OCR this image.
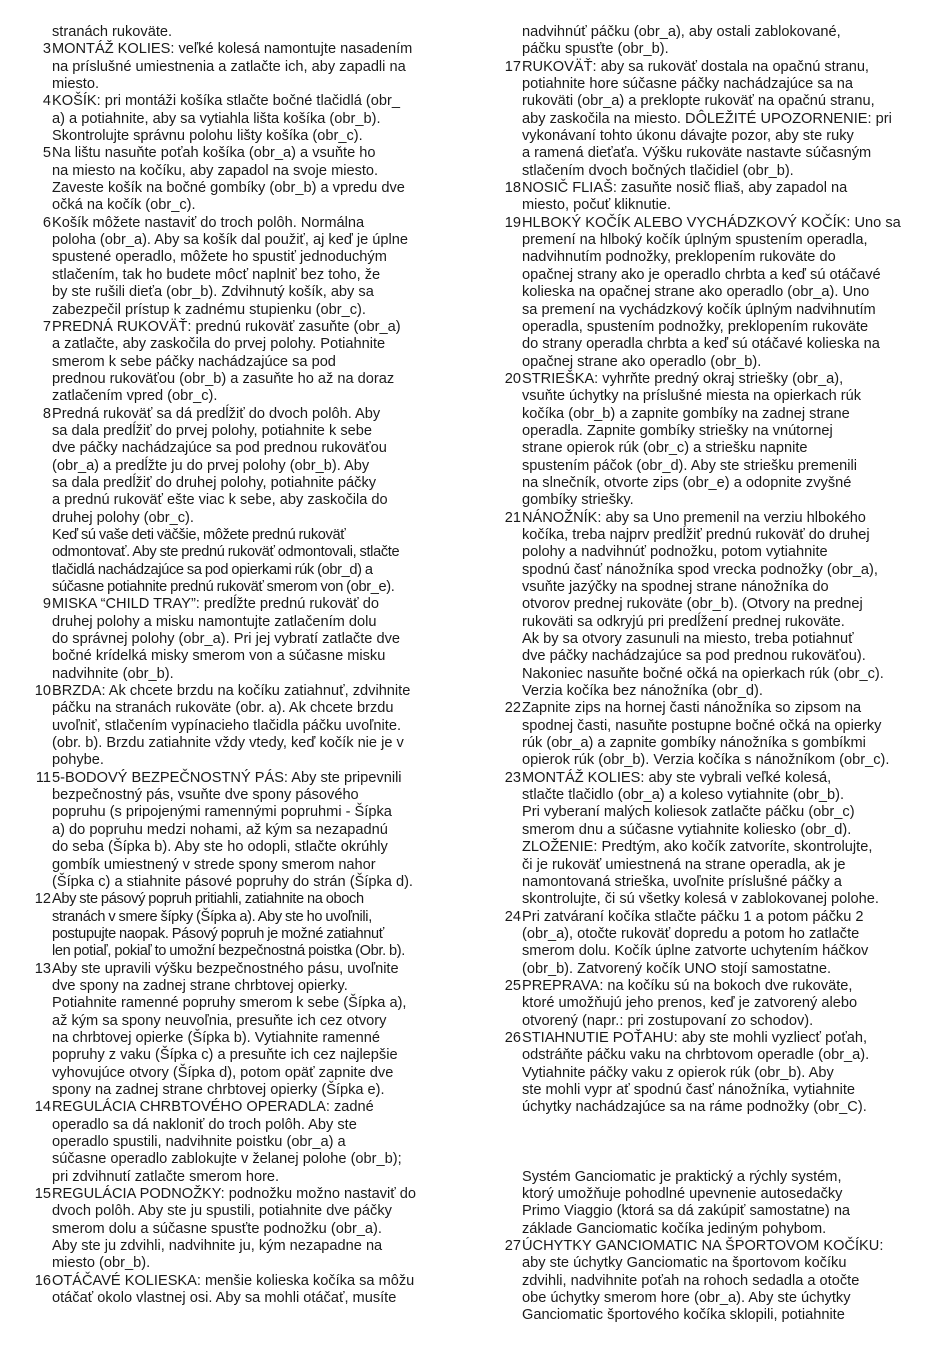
stranách rukoväte.
3 MONTÁŽ KOLIES: veľké kolesá namontujte nasadením
na príslušné umiestnenia a zatlačte ich, aby zapadli na
miesto.
4 KOŠÍK: pri montáži košíka stlačte bočné tlačidlá (obr_
a) a potiahnite, aby sa vytiahla lišta košíka (obr_b).
Skontrolujte správnu polohu lišty košíka (obr_c).
5 Na lištu nasuňte poťah košíka (obr_a) a vsuňte ho
na miesto na kočíku, aby zapadol na svoje miesto.
Zaveste košík na bočné gombíky (obr_b) a vpredu dve
očká na kočík (obr_c).
6 Košík môžete nastaviť do troch polôh. Normálna
poloha (obr_a). Aby sa košík dal použiť, aj keď je úplne
spustené operadlo, môžete ho spustiť jednoduchým
stlačením, tak ho budete môcť naplniť bez toho, že
by ste rušili dieťa (obr_b). Zdvihnutý košík, aby sa
zabezpečil prístup k zadnému stupienku (obr_c).
7 PREDNÁ RUKOVÄŤ: prednú rukoväť zasuňte (obr_a)
a zatlačte, aby zaskočila do prvej polohy. Potiahnite
smerom k sebe páčky nachádzajúce sa pod
prednou rukoväťou (obr_b) a zasuňte ho až na doraz
zatlačením vpred (obr_c).
8 Predná rukoväť sa dá predĺžiť do dvoch polôh. Aby
sa dala predĺžiť do prvej polohy, potiahnite k sebe
dve páčky nachádzajúce sa pod prednou rukoväťou
(obr_a) a predĺžte ju do prvej polohy (obr_b). Aby
sa dala predĺžiť do druhej polohy, potiahnite páčky
a prednú rukoväť ešte viac k sebe, aby zaskočila do
druhej polohy (obr_c).
Keď sú vaše deti väčšie, môžete prednú rukoväť
odmontovať. Aby ste prednú rukoväť odmontovali, stlačte
tlačidlá nachádzajúce sa pod opierkami rúk (obr_d) a
súčasne potiahnite prednú rukoväť smerom von (obr_e).
9 MISKA “CHILD TRAY”: predĺžte prednú rukoväť do
druhej polohy a misku namontujte zatlačením dolu
do správnej polohy (obr_a). Pri jej vybratí zatlačte dve
bočné krídelká misky smerom von a súčasne misku
nadvihnite (obr_b).
10 BRZDA: Ak chcete brzdu na kočíku zatiahnuť, zdvihnite
páčku na stranách rukoväte (obr. a). Ak chcete brzdu
uvoľniť, stlačením vypínacieho tlačidla páčku uvoľnite.
(obr. b). Brzdu zatiahnite vždy vtedy, keď kočík nie je v
pohybe.
11 5-BODOVÝ BEZPEČNOSTNÝ PÁS: Aby ste pripevnili
bezpečnostný pás, vsuňte dve spony pásového
popruhu (s pripojenými ramennými popruhmi - Šípka
a) do popruhu medzi nohami, až kým sa nezapadnú
do seba (Šípka b). Aby ste ho odopli, stlačte okrúhly
gombík umiestnený v strede spony smerom nahor
(Šípka c) a stiahnite pásové popruhy do strán (Šípka d).
12 Aby ste pásový popruh pritiahli, zatiahnite na oboch
stranách v smere šípky (Šípka a). Aby ste ho uvoľnili,
postupujte naopak. Pásový popruh je možné zatiahnuť
len potiaľ, pokiaľ to umožní bezpečnostná poistka (Obr. b).
13 Aby ste upravili výšku bezpečnostného pásu, uvoľnite
dve spony na zadnej strane chrbtovej opierky.
Potiahnite ramenné popruhy smerom k sebe (Šípka a),
až kým sa spony neuvoľnia, presuňte ich cez otvory
na chrbtovej opierke (Šípka b). Vytiahnite ramenné
popruhy z vaku (Šípka c) a presuňte ich cez najlepšie
vyhovujúce otvory (Šípka d), potom opäť zapnite dve
spony na zadnej strane chrbtovej opierky (Šípka e).
14 REGULÁCIA CHRBTOVÉHO OPERADLA: zadné
operadlo sa dá nakloniť do troch polôh. Aby ste
operadlo spustili, nadvihnite poistku (obr_a) a
súčasne operadlo zablokujte v želanej polohe (obr_b);
pri zdvihnutí zatlačte smerom hore.
15 REGULÁCIA PODNOŽKY: podnožku možno nastaviť do
dvoch polôh. Aby ste ju spustili, potiahnite dve páčky
smerom dolu a súčasne spusťte podnožku (obr_a).
Aby ste ju zdvihli, nadvihnite ju, kým nezapadne na
miesto (obr_b).
16 OTÁČAVÉ KOLIESKA: menšie kolieska kočíka sa môžu
otáčať okolo vlastnej osi. Aby sa mohli otáčať, musíte
nadvihnúť páčku (obr_a), aby ostali zablokované,
páčku spusťte (obr_b).
17 RUKOVÄŤ: aby sa rukoväť dostala na opačnú stranu,
potiahnite hore súčasne páčky nachádzajúce sa na
rukoväti (obr_a) a preklopte rukoväť na opačnú stranu,
aby zaskočila na miesto. DÔLEŽITÉ UPOZORNENIE: pri
vykonávaní tohto úkonu dávajte pozor, aby ste ruky
a ramená dieťaťa. Výšku rukoväte nastavte súčasným
stlačením dvoch bočných tlačidiel (obr_b).
18 NOSIČ FLIAŠ: zasuňte nosič fliaš, aby zapadol na
miesto, počuť kliknutie.
19 HLBOKÝ KOČÍK ALEBO VYCHÁDZKOVÝ KOČÍK: Uno sa
premení na hlboký kočík úplným spustením operadla,
nadvihnutím podnožky, preklopením rukoväte do
opačnej strany ako je operadlo chrbta a keď sú otáčavé
kolieska na opačnej strane ako operadlo (obr_a). Uno
sa premení na vychádzkový kočík úplným nadvihnutím
operadla, spustením podnožky, preklopením rukoväte
do strany operadla chrbta a keď sú otáčavé kolieska na
opačnej strane ako operadlo (obr_b).
20 STRIEŠKA: vyhrňte predný okraj striešky (obr_a),
vsuňte úchytky na príslušné miesta na opierkach rúk
kočíka (obr_b) a zapnite gombíky na zadnej strane
operadla. Zapnite gombíky striešky na vnútornej
strane opierok rúk (obr_c) a striešku napnite
spustením páčok (obr_d). Aby ste striešku premenili
na slnečník, otvorte zips (obr_e) a odopnite zvyšné
gombíky striešky.
21 NÁNOŽNÍK: aby sa Uno premenil na verziu hlbokého
kočíka, treba najprv predĺžiť prednú rukoväť do druhej
polohy a nadvihnúť podnožku, potom vytiahnite
spodnú časť nánožníka spod vrecka podnožky (obr_a),
vsuňte jazýčky na spodnej strane nánožníka do
otvorov prednej rukoväte (obr_b). (Otvory na prednej
rukoväti sa odkryjú pri predĺžení prednej rukoväte.
Ak by sa otvory zasunuli na miesto, treba potiahnuť
dve páčky nachádzajúce sa pod prednou rukoväťou).
Nakoniec nasuňte bočné očká na opierkach rúk (obr_c).
Verzia kočíka bez nánožníka (obr_d).
22 Zapnite zips na hornej časti nánožníka so zipsom na
spodnej časti, nasuňte postupne bočné očká na opierky
rúk (obr_a) a zapnite gombíky nánožníka s gombíkmi
opierok rúk (obr_b). Verzia kočíka s nánožníkom (obr_c).
23 MONTÁŽ KOLIES: aby ste vybrali veľké kolesá,
stlačte tlačidlo (obr_a) a koleso vytiahnite (obr_b).
Pri vyberaní malých koliesok zatlačte páčku (obr_c)
smerom dnu a súčasne vytiahnite koliesko (obr_d).
ZLOŽENIE: Predtým, ako kočík zatvoríte, skontrolujte,
či je rukoväť umiestnená na strane operadla, ak je
namontovaná strieška, uvoľnite príslušné páčky a
skontrolujte, či sú všetky kolesá v zablokovanej polohe.
24 Pri zatváraní kočíka stlačte páčku 1 a potom páčku 2
(obr_a), otočte rukoväť dopredu a potom ho zatlačte
smerom dolu. Kočík úplne zatvorte uchytením háčkov
(obr_b). Zatvorený kočík UNO stojí samostatne.
25 PREPRAVA: na kočíku sú na bokoch dve rukoväte,
ktoré umožňujú jeho prenos, keď je zatvorený alebo
otvorený (napr.: pri zostupovaní zo schodov).
26 STIAHNUTIE POŤAHU: aby ste mohli vyzliecť poťah,
odstráňte páčku vaku na chrbtovom operadle (obr_a).
Vytiahnite páčky vaku z opierok rúk (obr_b). Aby
ste mohli vypr ať spodnú časť nánožníka, vytiahnite
úchytky nachádzajúce sa na ráme podnožky (obr_C).
Systém Ganciomatic je praktický a rýchly systém,
ktorý umožňuje pohodlné upevnenie autosedačky
Primo Viaggio (ktorá sa dá zakúpiť samostatne) na
základe Ganciomatic kočíka jediným pohybom.
27 ÚCHYTKY GANCIOMATIC NA ŠPORTOVOM KOČÍKU:
aby ste úchytky Ganciomatic na športovom kočíku
zdvihli, nadvihnite poťah na rohoch sedadla a otočte
obe úchytky smerom hore (obr_a). Aby ste úchytky
Ganciomatic športového kočíka sklopili, potiahnite
